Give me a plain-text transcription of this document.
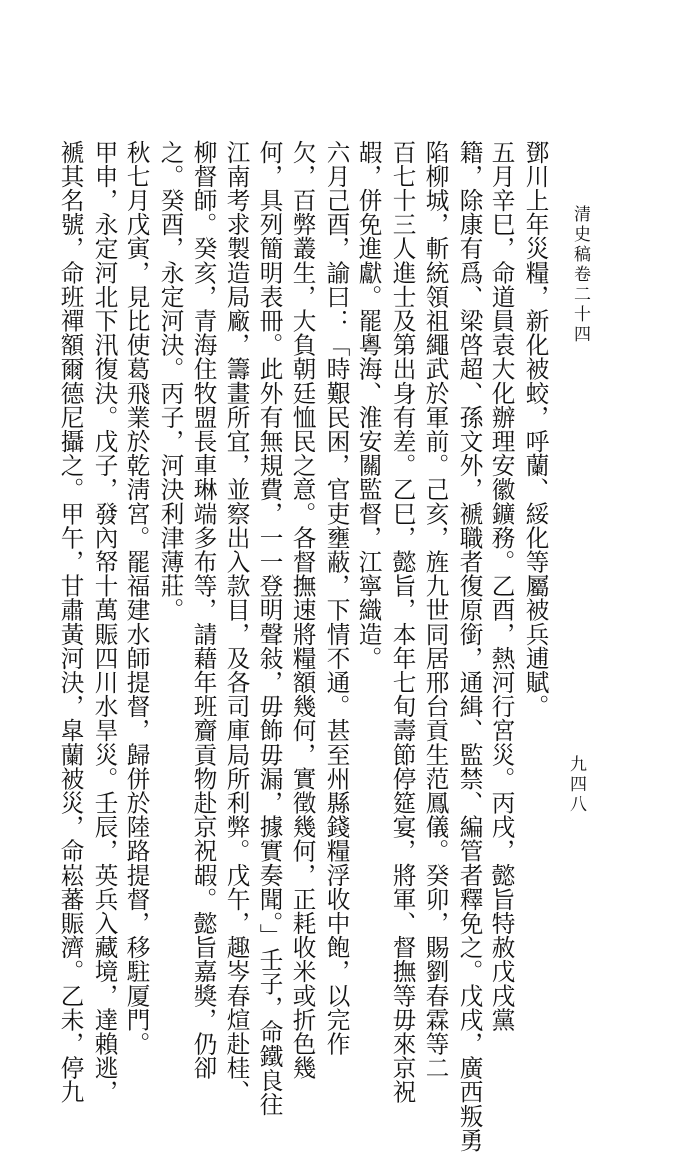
清史稿卷二十四
九四八
鄧川上年災糧，新化被蛟，呼蘭、綏化等屬被兵逋賦。
五月辛巳，命道員袁大化辦理安徽鑛務。乙酉，熱河行宮災。丙戌，懿旨特赦戊戌黨
籍，除康有爲、梁啓超、孫文外，褫職者復原銜，通緝、監禁、編管者釋免之。戊戌，廣西叛勇
陷柳城，斬統領祖繩武於軍前。己亥，旌九世同居邢台貢生范鳳儀。癸卯，賜劉春霖等二
百七十三人進士及第出身有差。乙巳，懿旨，本年七旬壽節停筵宴，將軍、督撫等毋來京祝
嘏，併免進獻。罷粵海、淮安關監督，江寧織造。
六月己酉，諭曰：「時艱民困，官吏壅蔽，下情不通。甚至州縣錢糧浮收中飽，以完作
欠，百弊叢生，大負朝廷恤民之意。各督撫速將糧額幾何，實徵幾何，正耗收米或折色幾
何，具列簡明表冊。此外有無規費，一一登明聲敍，毋飾毋漏，據實奏聞。」壬子，命鐵良往
江南考求製造局廠，籌畫所宜，並察出入款目，及各司庫局所利弊。戊午，趣岑春煊赴桂、
柳督師。癸亥，青海住牧盟長車琳端多布等，請藉年班齎貢物赴京祝嘏。懿旨嘉獎，仍卻
之。癸酉，永定河決。丙子，河決利津薄莊。
秋七月戊寅，見比使葛飛業於乾淸宮。罷福建水師提督，歸併於陸路提督，移駐厦門。
甲申，永定河北下汛復決。戊子，發內帑十萬賑四川水旱災。壬辰，英兵入藏境，達賴逃，
褫其名號，命班禪額爾德尼攝之。甲午，甘肅黃河決，皐蘭被災，命崧蕃賑濟。乙未，停九
